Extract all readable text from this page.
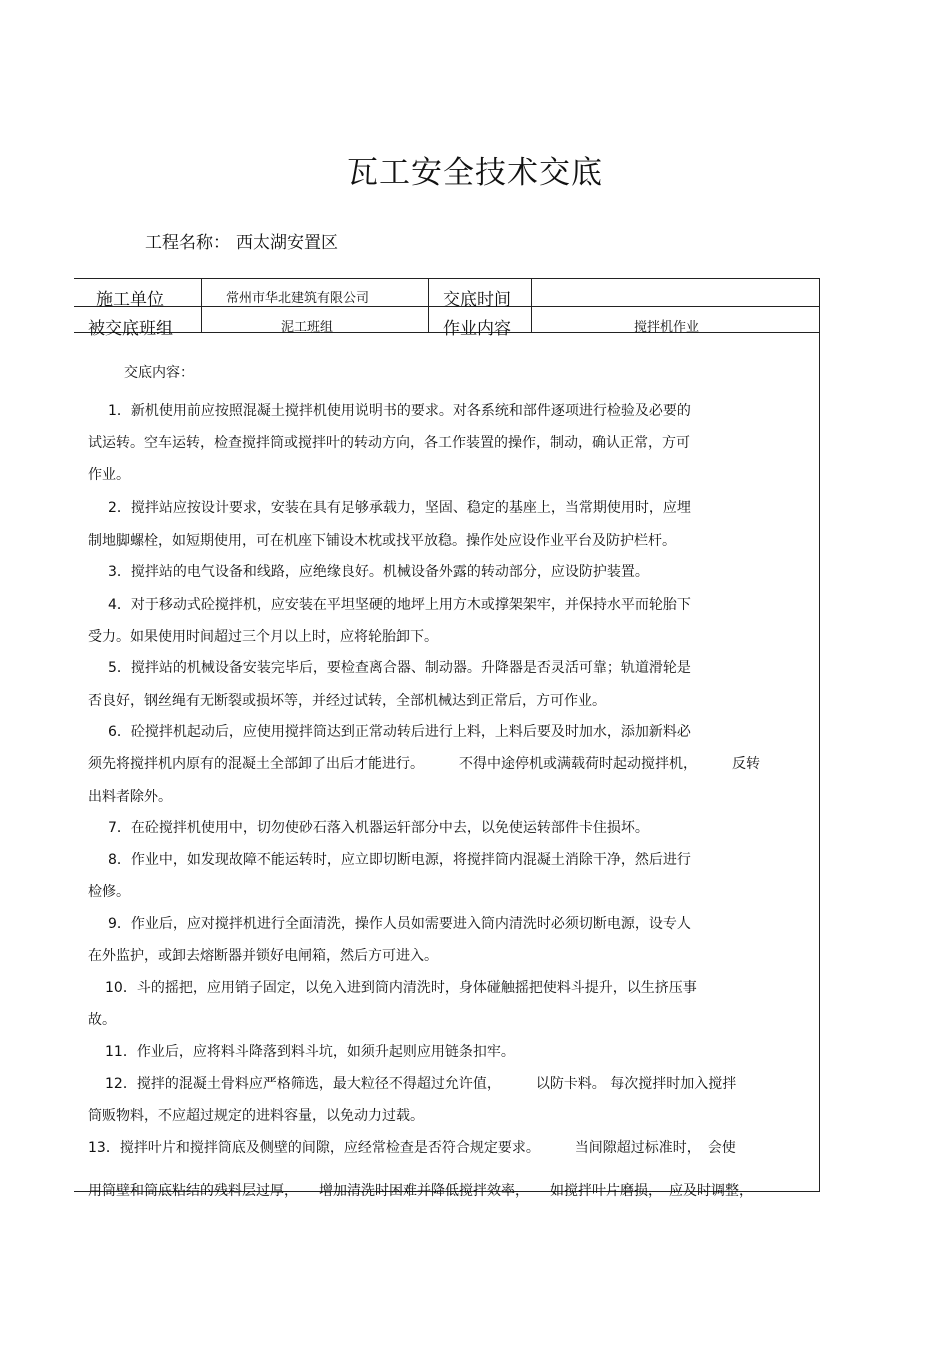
瓦工安全技术交底
工程名称： 西太湖安置区
施工单位	常州市华北建筑有限公司	交底时间
被交底班组	泥工班组	作业内容	搅拌机作业
交底内容：
1．新机使用前应按照混凝土搅拌机使用说明书的要求。对各系统和部件逐项进行检验及必要的
试运转。空车运转，检查搅拌筒或搅拌叶的转动方向，各工作装置的操作，制动，确认正常，方可
作业。
2．搅拌站应按设计要求，安装在具有足够承载力，坚固、稳定的基座上，当常期使用时，应埋
制地脚螺栓，如短期使用，可在机座下铺设木枕或找平放稳。操作处应设作业平台及防护栏杆。
3．搅拌站的电气设备和线路，应绝缘良好。机械设备外露的转动部分，应设防护装置。
4．对于移动式砼搅拌机，应安装在平坦坚硬的地坪上用方木或撑架架牢，并保持水平而轮胎下
受力。如果使用时间超过三个月以上时，应将轮胎卸下。
5．搅拌站的机械设备安装完毕后，要检查离合器、制动器。升降器是否灵活可靠；轨道滑轮是
否良好，钢丝绳有无断裂或损坏等，并经过试转，全部机械达到正常后，方可作业。
6．砼搅拌机起动后，应使用搅拌筒达到正常动转后进行上料，上料后要及时加水，添加新料必
须先将搅拌机内原有的混凝土全部卸了出后才能进行。　　　不得中途停机或满载荷时起动搅拌机，　　　反转
出料者除外。
7．在砼搅拌机使用中，切勿使砂石落入机器运轩部分中去，以免使运转部件卡住损坏。
8．作业中，如发现故障不能运转时，应立即切断电源，将搅拌筒内混凝土消除干净，然后进行
检修。
9．作业后，应对搅拌机进行全面清洗，操作人员如需要进入筒内清洗时必须切断电源，设专人
在外监护，或卸去熔断器并锁好电闸箱，然后方可进入。
10．斗的摇把，应用销子固定，以免入进到筒内清洗时，身体碰触摇把使料斗提升，以生挤压事
故。
11．作业后，应将料斗降落到料斗坑，如须升起则应用链条扣牢。
12．搅拌的混凝土骨料应严格筛选，最大粒径不得超过允许值，　　　以防卡料。 每次搅拌时加入搅拌
筒贩物料，不应超过规定的进料容量，以免动力过载。
13．搅拌叶片和搅拌筒底及侧壁的间隙，应经常检查是否符合规定要求。　　　当间隙超过标准时，　会使
用筒壁和筒底粘结的残料层过厚，　　增加清洗时困难并降低搅拌效率，　　如搅拌叶片磨损，　应及时调整，
